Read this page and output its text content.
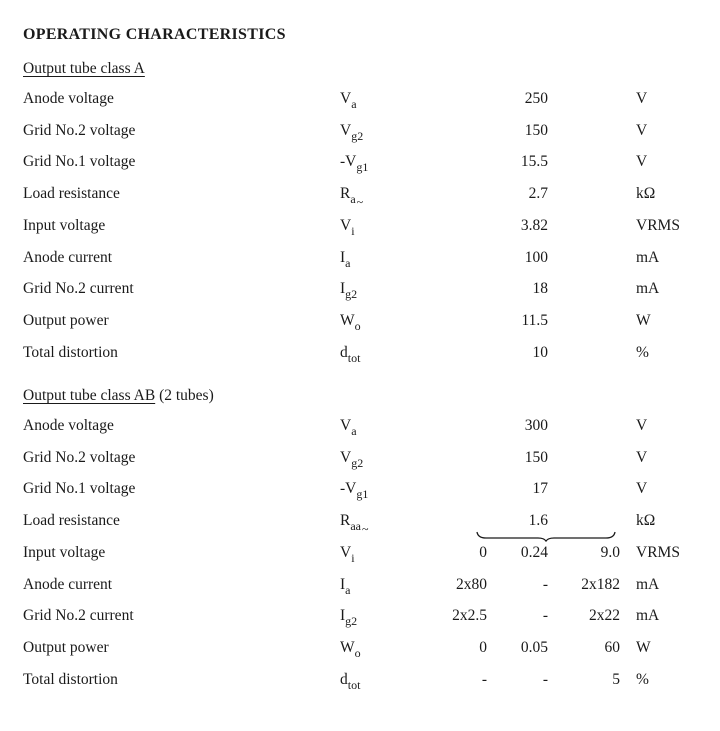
OPERATING CHARACTERISTICS
Output tube class A
Anode voltage	$V_a$	250	V
Grid No.2 voltage	$V_{g2}$	150	V
Grid No.1 voltage	$-V_{g1}$	15.5	V
Load resistance	$R_{a\sim}$	2.7	kΩ
Input voltage	$V_i$	3.82	VRMS
Anode current	$I_a$	100	mA
Grid No.2 current	$I_{g2}$	18	mA
Output power	$W_o$	11.5	W
Total distortion	$d_{tot}$	10	%
Output tube class AB (2 tubes)
Anode voltage	$V_a$	300	V
Grid No.2 voltage	$V_{g2}$	150	V
Grid No.1 voltage	$-V_{g1}$	17	V
Load resistance	$R_{aa\sim}$	1.6	kΩ
Input voltage	$V_i$	0	0.24	9.0 VRMS
Anode current	$I_a$	2x80	-	2x182 mA
Grid No.2 current	$I_{g2}$	2x2.5	-	2x22 mA
Output power	$W_o$	0	0.05	60 W
Total distortion	$d_{tot}$	-	-	5 %
